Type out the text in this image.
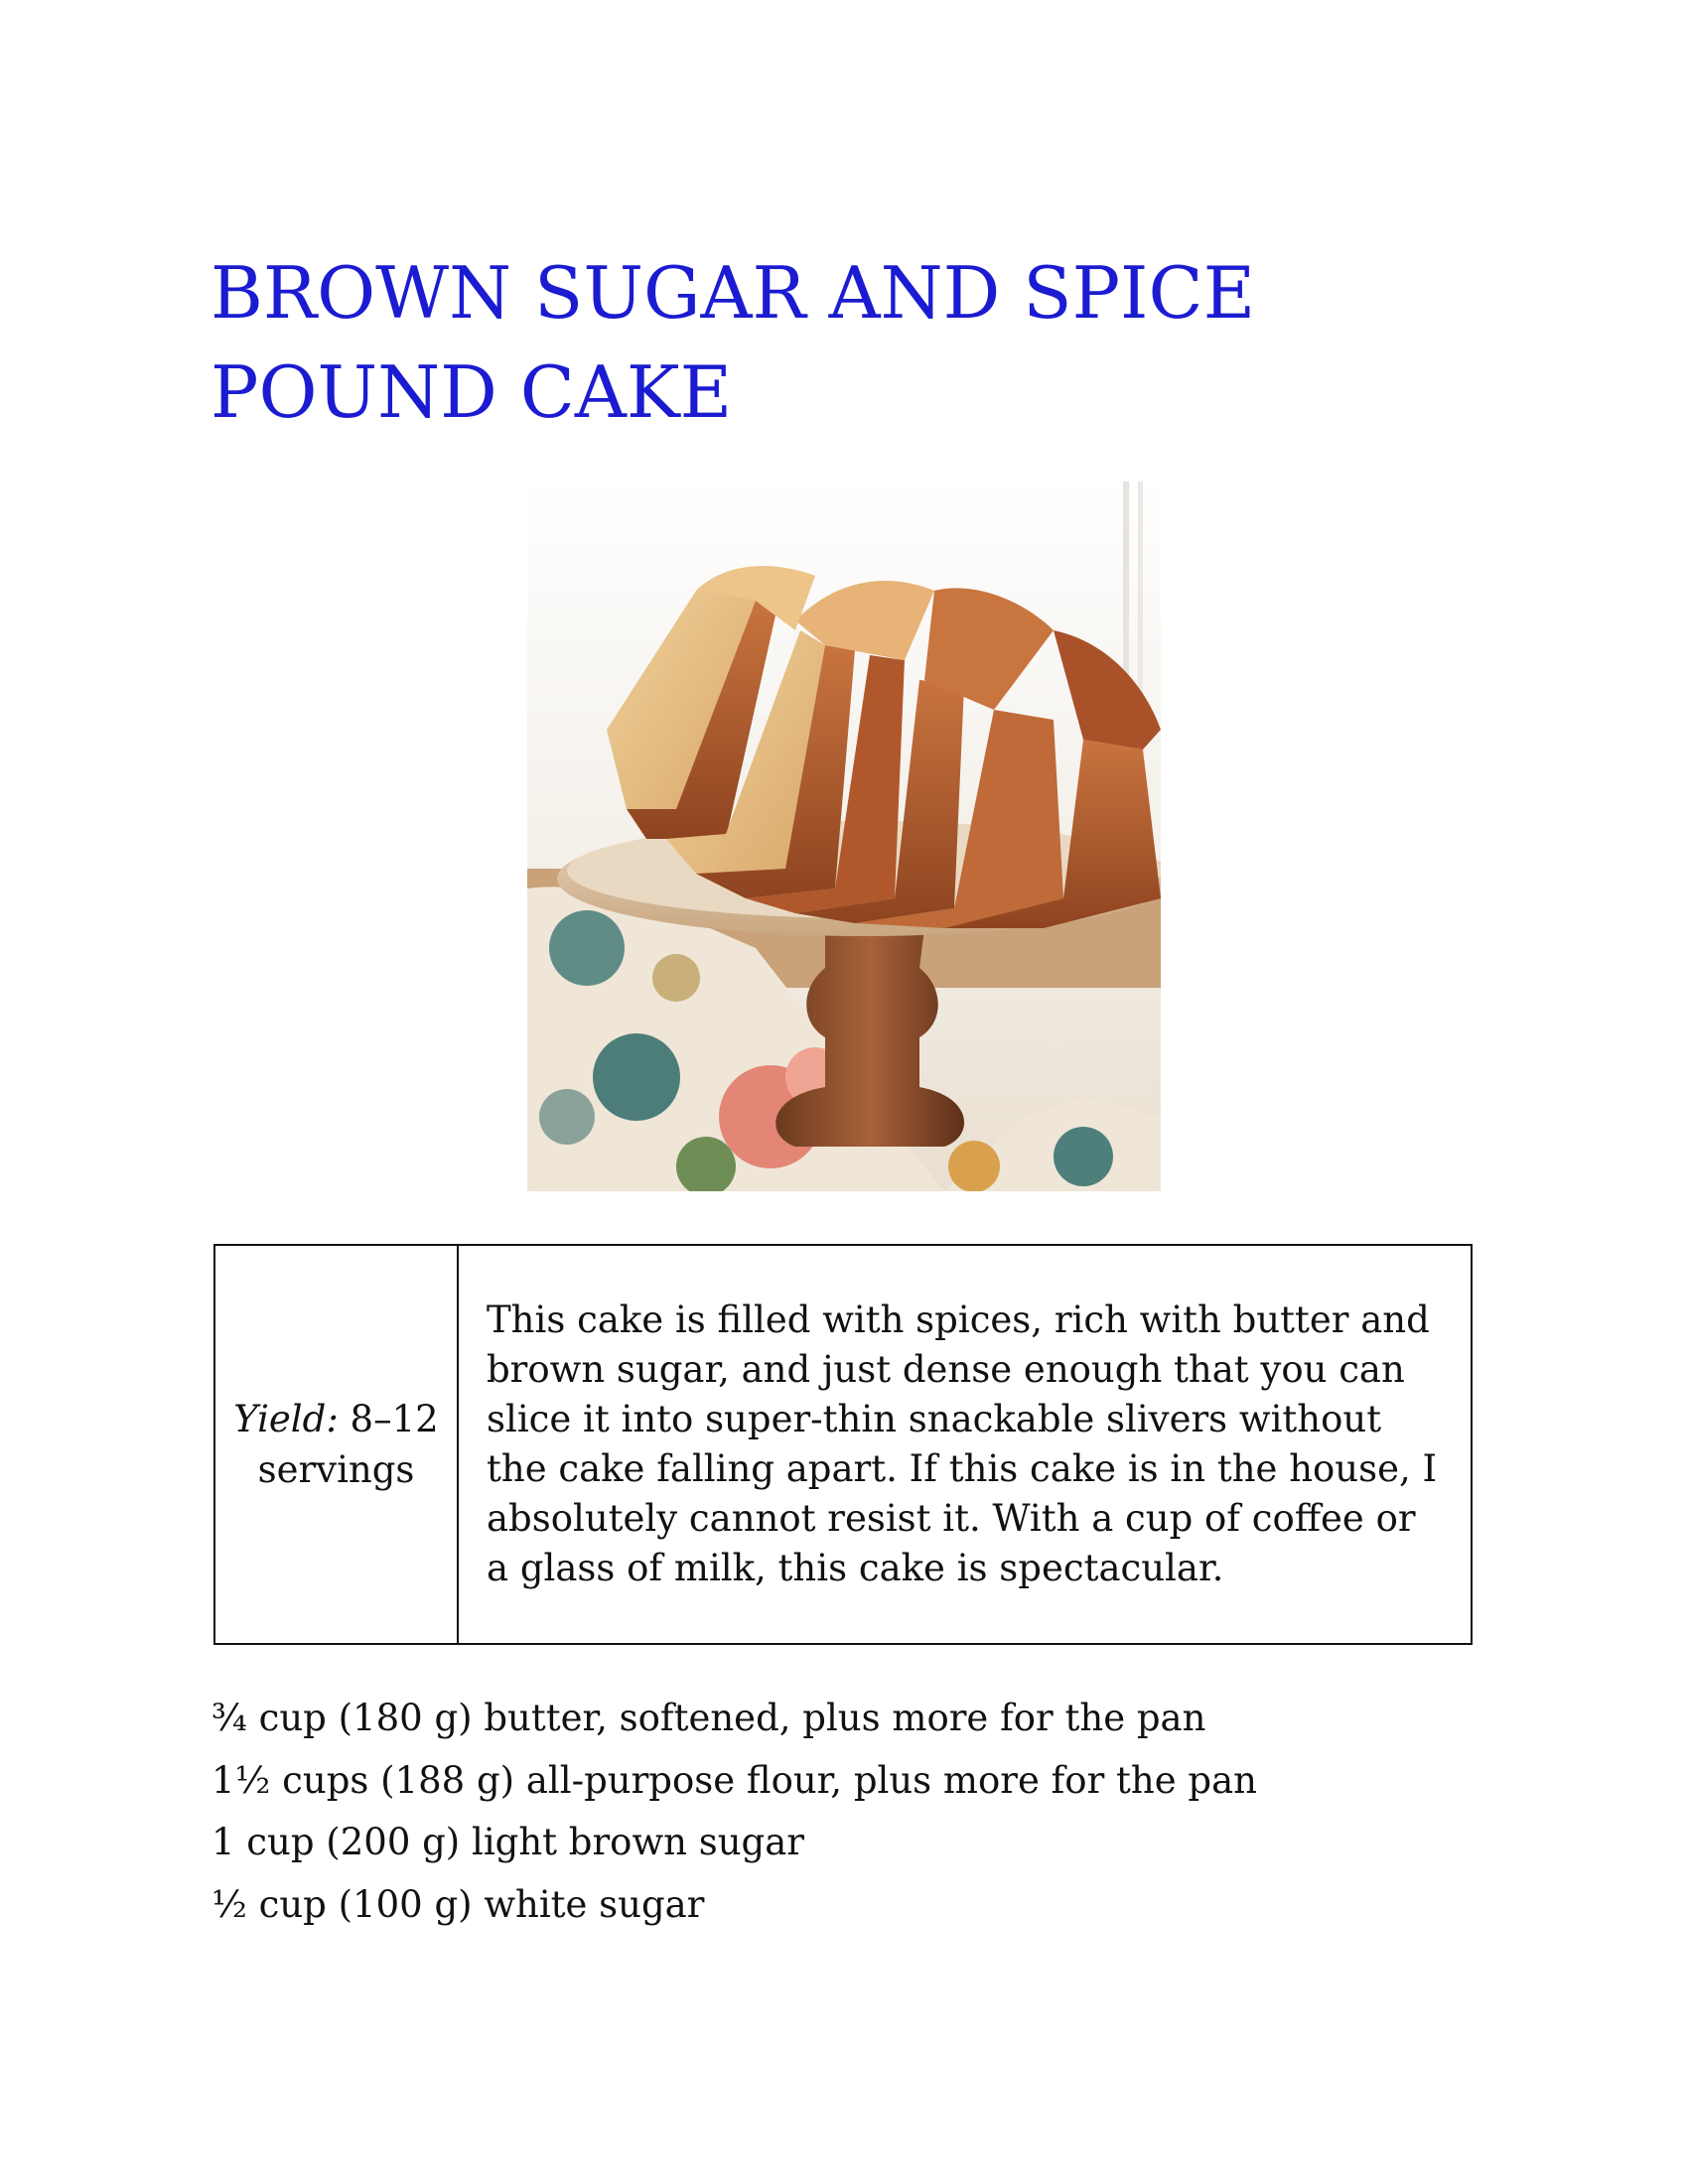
BROWN SUGAR AND SPICE
POUND CAKE
Yield: 8–12 servings
This cake is filled with spices, rich with butter and brown sugar, and just dense enough that you can slice it into super-thin snackable slivers without the cake falling apart. If this cake is in the house, I absolutely cannot resist it. With a cup of coffee or a glass of milk, this cake is spectacular.
¾ cup (180 g) butter, softened, plus more for the pan
1½ cups (188 g) all-purpose flour, plus more for the pan
1 cup (200 g) light brown sugar
½ cup (100 g) white sugar
